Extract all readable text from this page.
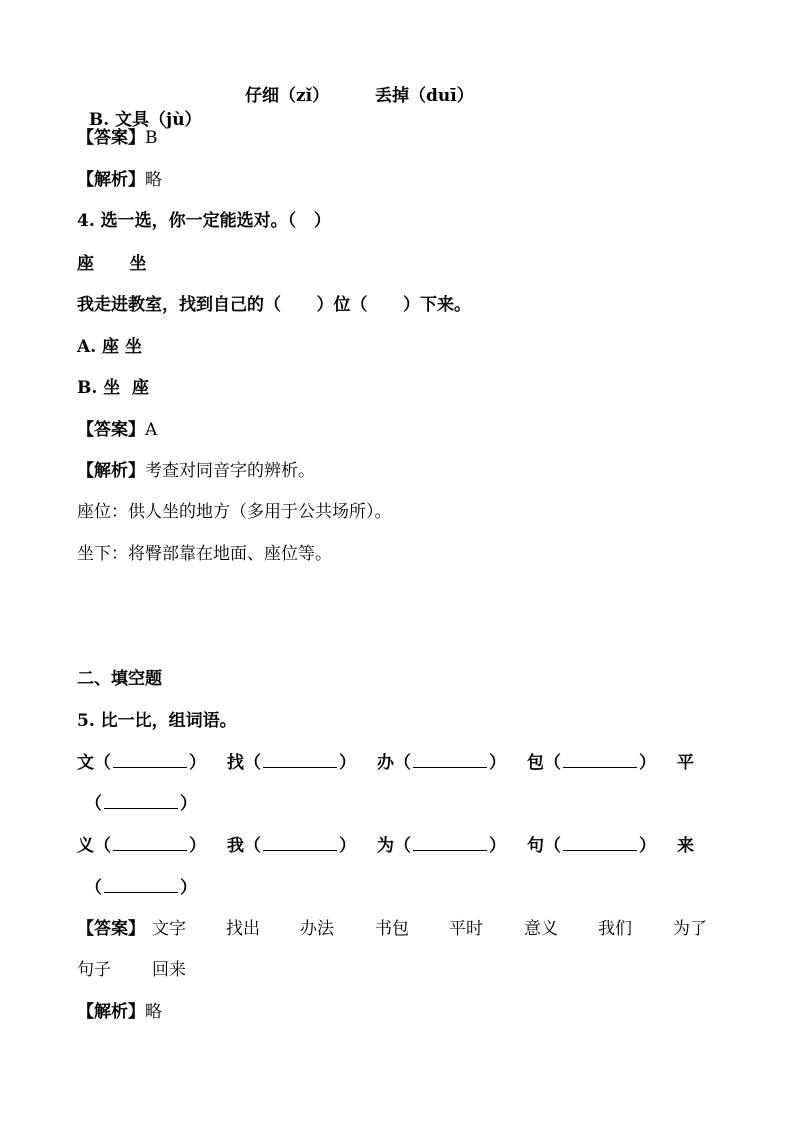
B. 文具（jù）

仔细（zǐ）	丢掉（duī）
【答案】B
【解析】略
4. 选一选，你一定能选对。（   ）
座      坐
我走进教室，找到自己的（      ）位（      ）下来。
A. 座 坐
B. 坐  座
【答案】A
【解析】考查对同音字的辨析。
座位：供人坐的地方（多用于公共场所）。
坐下：将臀部靠在地面、座位等。
二、填空题
5. 比一比，组词语。
文（	） 找（	） 办（	） 包（	） 平
（	）
义（	） 我（	） 为（	） 句（	） 来
（	）
【答案】 文字 找出 办法 书包 平时 意义 我们 为了
句子 回来
【解析】略
